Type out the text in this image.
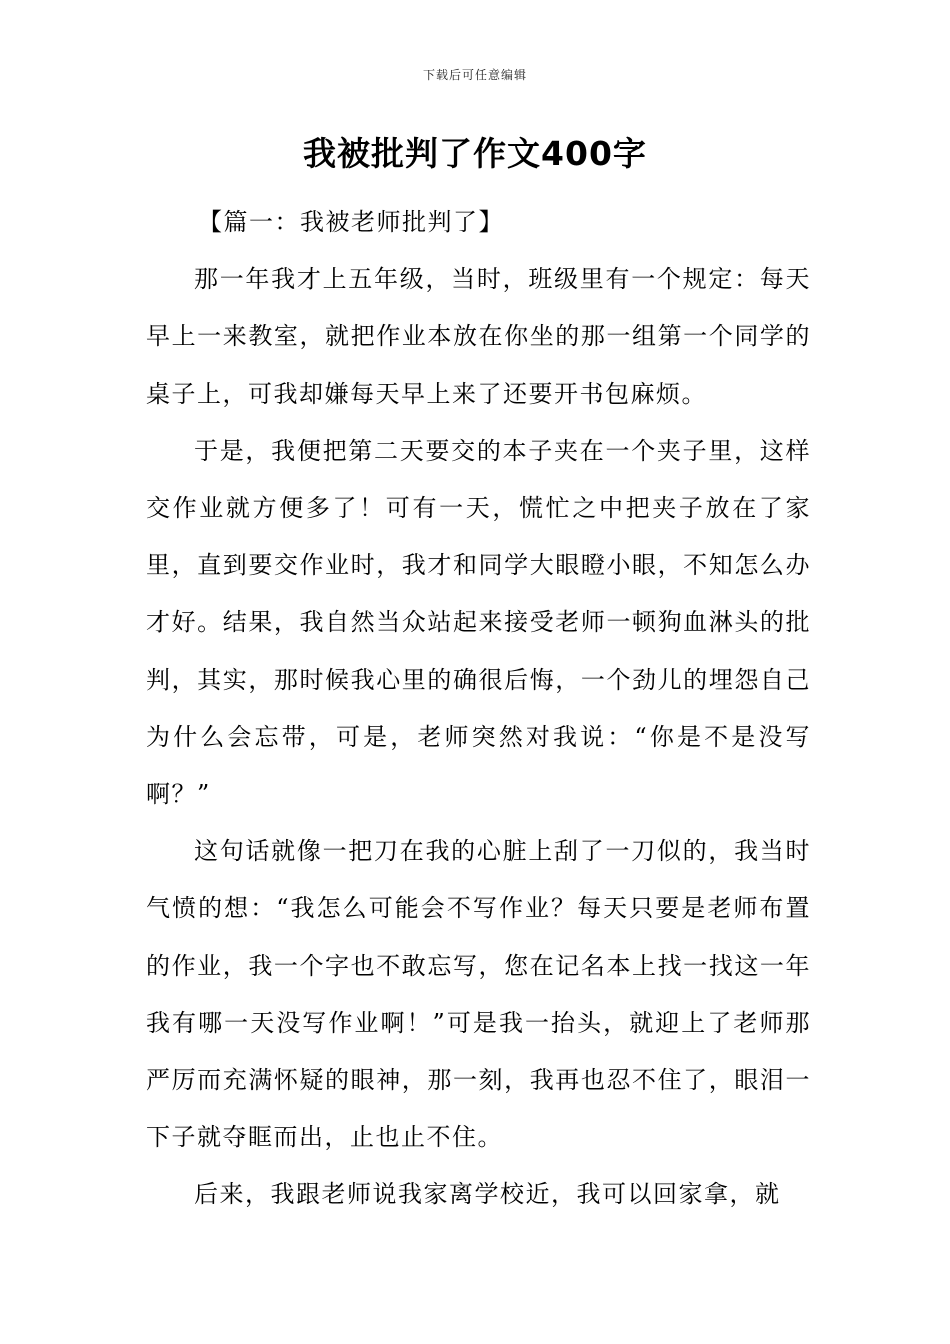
下载后可任意编辑
我被批判了作文400字
【篇一：我被老师批判了】

那一年我才上五年级，当时，班级里有一个规定：每天早上一来教室，就把作业本放在你坐的那一组第一个同学的桌子上，可我却嫌每天早上来了还要开书包麻烦。

于是，我便把第二天要交的本子夹在一个夹子里，这样交作业就方便多了！可有一天，慌忙之中把夹子放在了家里，直到要交作业时，我才和同学大眼瞪小眼，不知怎么办才好。结果，我自然当众站起来接受老师一顿狗血淋头的批判，其实，那时候我心里的确很后悔，一个劲儿的埋怨自己为什么会忘带，可是，老师突然对我说：“你是不是没写啊？”

这句话就像一把刀在我的心脏上刮了一刀似的，我当时气愤的想：“我怎么可能会不写作业？每天只要是老师布置的作业，我一个字也不敢忘写，您在记名本上找一找这一年我有哪一天没写作业啊！”可是我一抬头，就迎上了老师那严厉而充满怀疑的眼神，那一刻，我再也忍不住了，眼泪一下子就夺眶而出，止也止不住。

后来，我跟老师说我家离学校近，我可以回家拿，就
